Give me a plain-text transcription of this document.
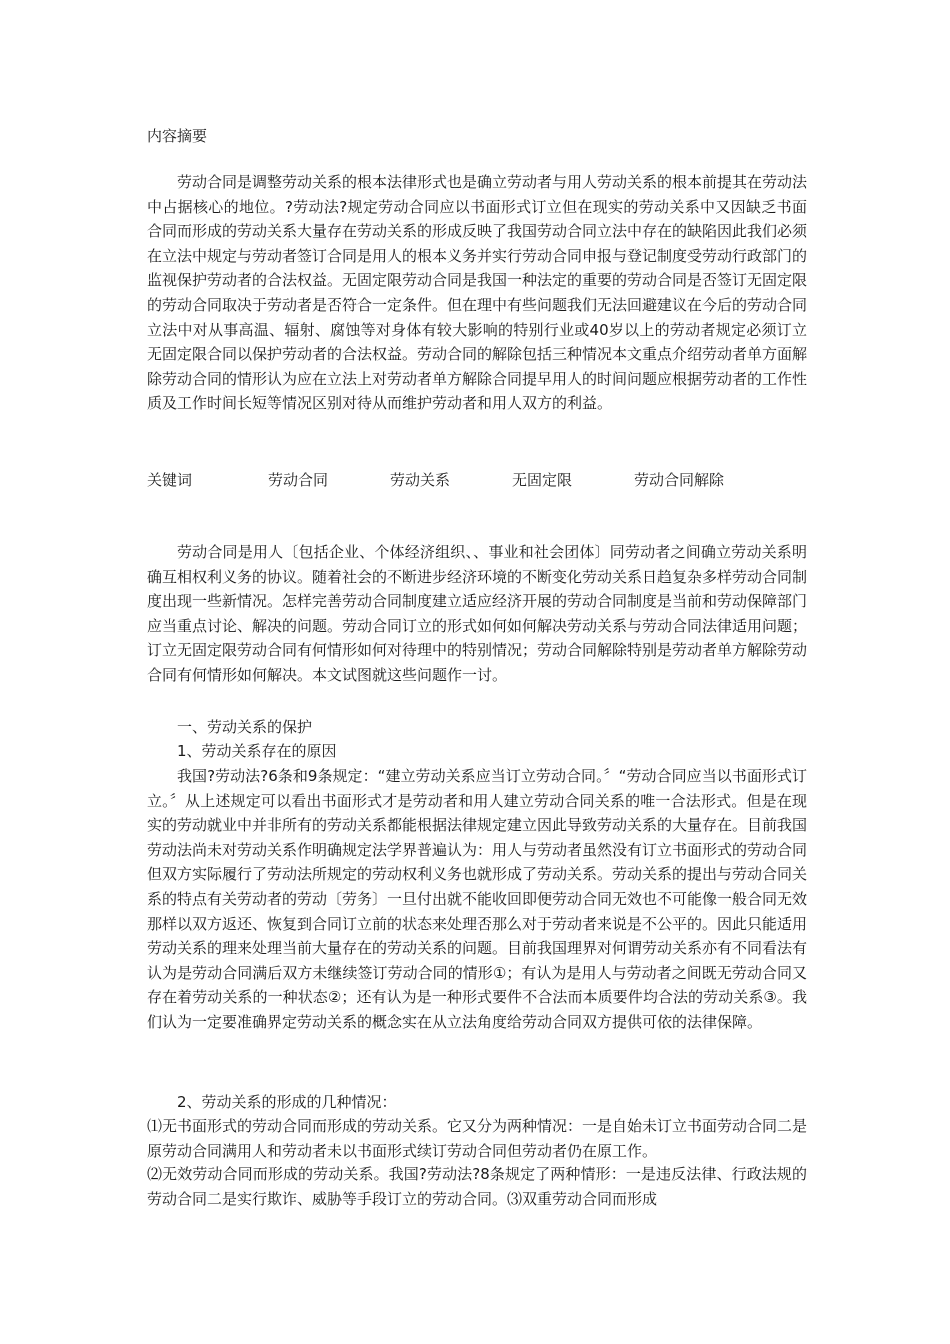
内容摘要

劳动合同是调整劳动关系的根本法律形式也是确立劳动者与用人劳动关系的根本前提其在劳动法中占据核心的地位。?劳动法?规定劳动合同应以书面形式订立但在现实的劳动关系中又因缺乏书面合同而形成的劳动关系大量存在劳动关系的形成反映了我国劳动合同立法中存在的缺陷因此我们必须在立法中规定与劳动者签订合同是用人的根本义务并实行劳动合同申报与登记制度受劳动行政部门的监视保护劳动者的合法权益。无固定限劳动合同是我国一种法定的重要的劳动合同是否签订无固定限的劳动合同取决于劳动者是否符合一定条件。但在理中有些问题我们无法回避建议在今后的劳动合同立法中对从事高温、辐射、腐蚀等对身体有较大影响的特别行业或40岁以上的劳动者规定必须订立无固定限合同以保护劳动者的合法权益。劳动合同的解除包括三种情况本文重点介绍劳动者单方面解除劳动合同的情形认为应在立法上对劳动者单方解除合同提早用人的时间问题应根据劳动者的工作性质及工作时间长短等情况区别对待从而维护劳动者和用人双方的利益。

关键词	劳动合同	劳动关系	无固定限	劳动合同解除

劳动合同是用人〔包括企业、个体经济组织、、事业和社会团体〕同劳动者之间确立劳动关系明确互相权利义务的协议。随着社会的不断进步经济环境的不断变化劳动关系日趋复杂多样劳动合同制度出现一些新情况。怎样完善劳动合同制度建立适应经济开展的劳动合同制度是当前和劳动保障部门应当重点讨论、解决的问题。劳动合同订立的形式如何如何解决劳动关系与劳动合同法律适用问题；订立无固定限劳动合同有何情形如何对待理中的特别情况；劳动合同解除特别是劳动者单方解除劳动合同有何情形如何解决。本文试图就这些问题作一讨。

一、劳动关系的保护

1、劳动关系存在的原因

我国?劳动法?6条和9条规定：“建立劳动关系应当订立劳动合同。〞“劳动合同应当以书面形式订立。〞从上述规定可以看出书面形式才是劳动者和用人建立劳动合同关系的唯一合法形式。但是在现实的劳动就业中并非所有的劳动关系都能根据法律规定建立因此导致劳动关系的大量存在。目前我国劳动法尚未对劳动关系作明确规定法学界普遍认为：用人与劳动者虽然没有订立书面形式的劳动合同但双方实际履行了劳动法所规定的劳动权利义务也就形成了劳动关系。劳动关系的提出与劳动合同关系的特点有关劳动者的劳动〔劳务〕一旦付出就不能收回即便劳动合同无效也不可能像一般合同无效那样以双方返还、恢复到合同订立前的状态来处理否那么对于劳动者来说是不公平的。因此只能适用劳动关系的理来处理当前大量存在的劳动关系的问题。目前我国理界对何谓劳动关系亦有不同看法有认为是劳动合同满后双方未继续签订劳动合同的情形①；有认为是用人与劳动者之间既无劳动合同又存在着劳动关系的一种状态②；还有认为是一种形式要件不合法而本质要件均合法的劳动关系③。我们认为一定要准确界定劳动关系的概念实在从立法角度给劳动合同双方提供可依的法律保障。

2、劳动关系的形成的几种情况：

⑴无书面形式的劳动合同而形成的劳动关系。它又分为两种情况：一是自始未订立书面劳动合同二是原劳动合同满用人和劳动者未以书面形式续订劳动合同但劳动者仍在原工作。

⑵无效劳动合同而形成的劳动关系。我国?劳动法?8条规定了两种情形：一是违反法律、行政法规的劳动合同二是实行欺诈、威胁等手段订立的劳动合同。⑶双重劳动合同而形成
